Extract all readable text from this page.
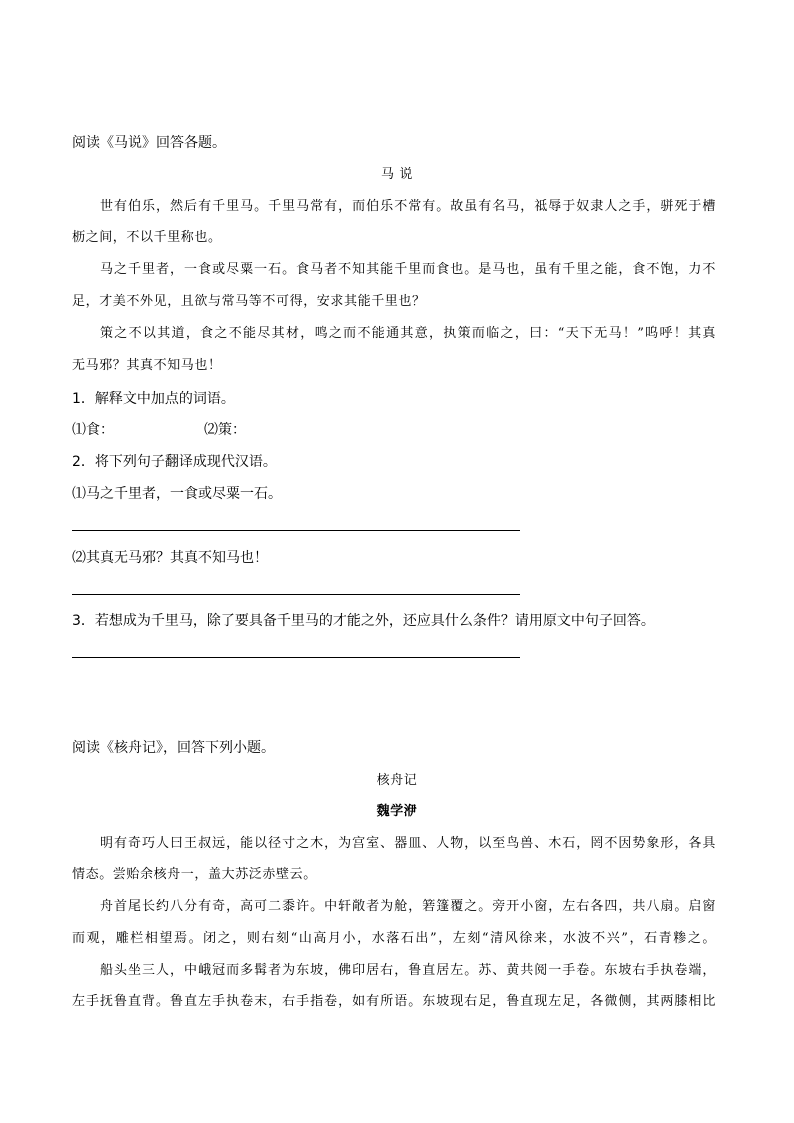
阅读《马说》回答各题。
马 说
世有伯乐，然后有千里马。千里马常有，而伯乐不常有。故虽有名马，祗辱于奴隶人之手，骈死于槽
枥之间，不以千里称也。
马之千里者，一食或尽粟一石。食马者不知其能千里而食也。是马也，虽有千里之能，食不饱，力不
足，才美不外见，且欲与常马等不可得，安求其能千里也？
策之不以其道，食之不能尽其材，鸣之而不能通其意，执策而临之，曰：“天下无马！”呜呼！其真
无马邪？其真不知马也！
1．解释文中加点的词语。
⑴食：	⑵策：
2．将下列句子翻译成现代汉语。
⑴马之千里者，一食或尽粟一石。
⑵其真无马邪？其真不知马也！
3．若想成为千里马，除了要具备千里马的才能之外，还应具什么条件？请用原文中句子回答。
阅读《核舟记》，回答下列小题。
核舟记
魏学洢
明有奇巧人曰王叔远，能以径寸之木，为宫室、器皿、人物，以至鸟兽、木石，罔不因势象形，各具
情态。尝贻余核舟一，盖大苏泛赤壁云。
舟首尾长约八分有奇，高可二黍许。中轩敞者为舱，箬篷覆之。旁开小窗，左右各四，共八扇。启窗
而观，雕栏相望焉。闭之，则右刻“山高月小，水落石出”，左刻“清风徐来，水波不兴”，石青糁之。
船头坐三人，中峨冠而多髯者为东坡，佛印居右，鲁直居左。苏、黄共阅一手卷。东坡右手执卷端，
左手抚鲁直背。鲁直左手执卷末，右手指卷，如有所语。东坡现右足，鲁直现左足，各微侧，其两膝相比
